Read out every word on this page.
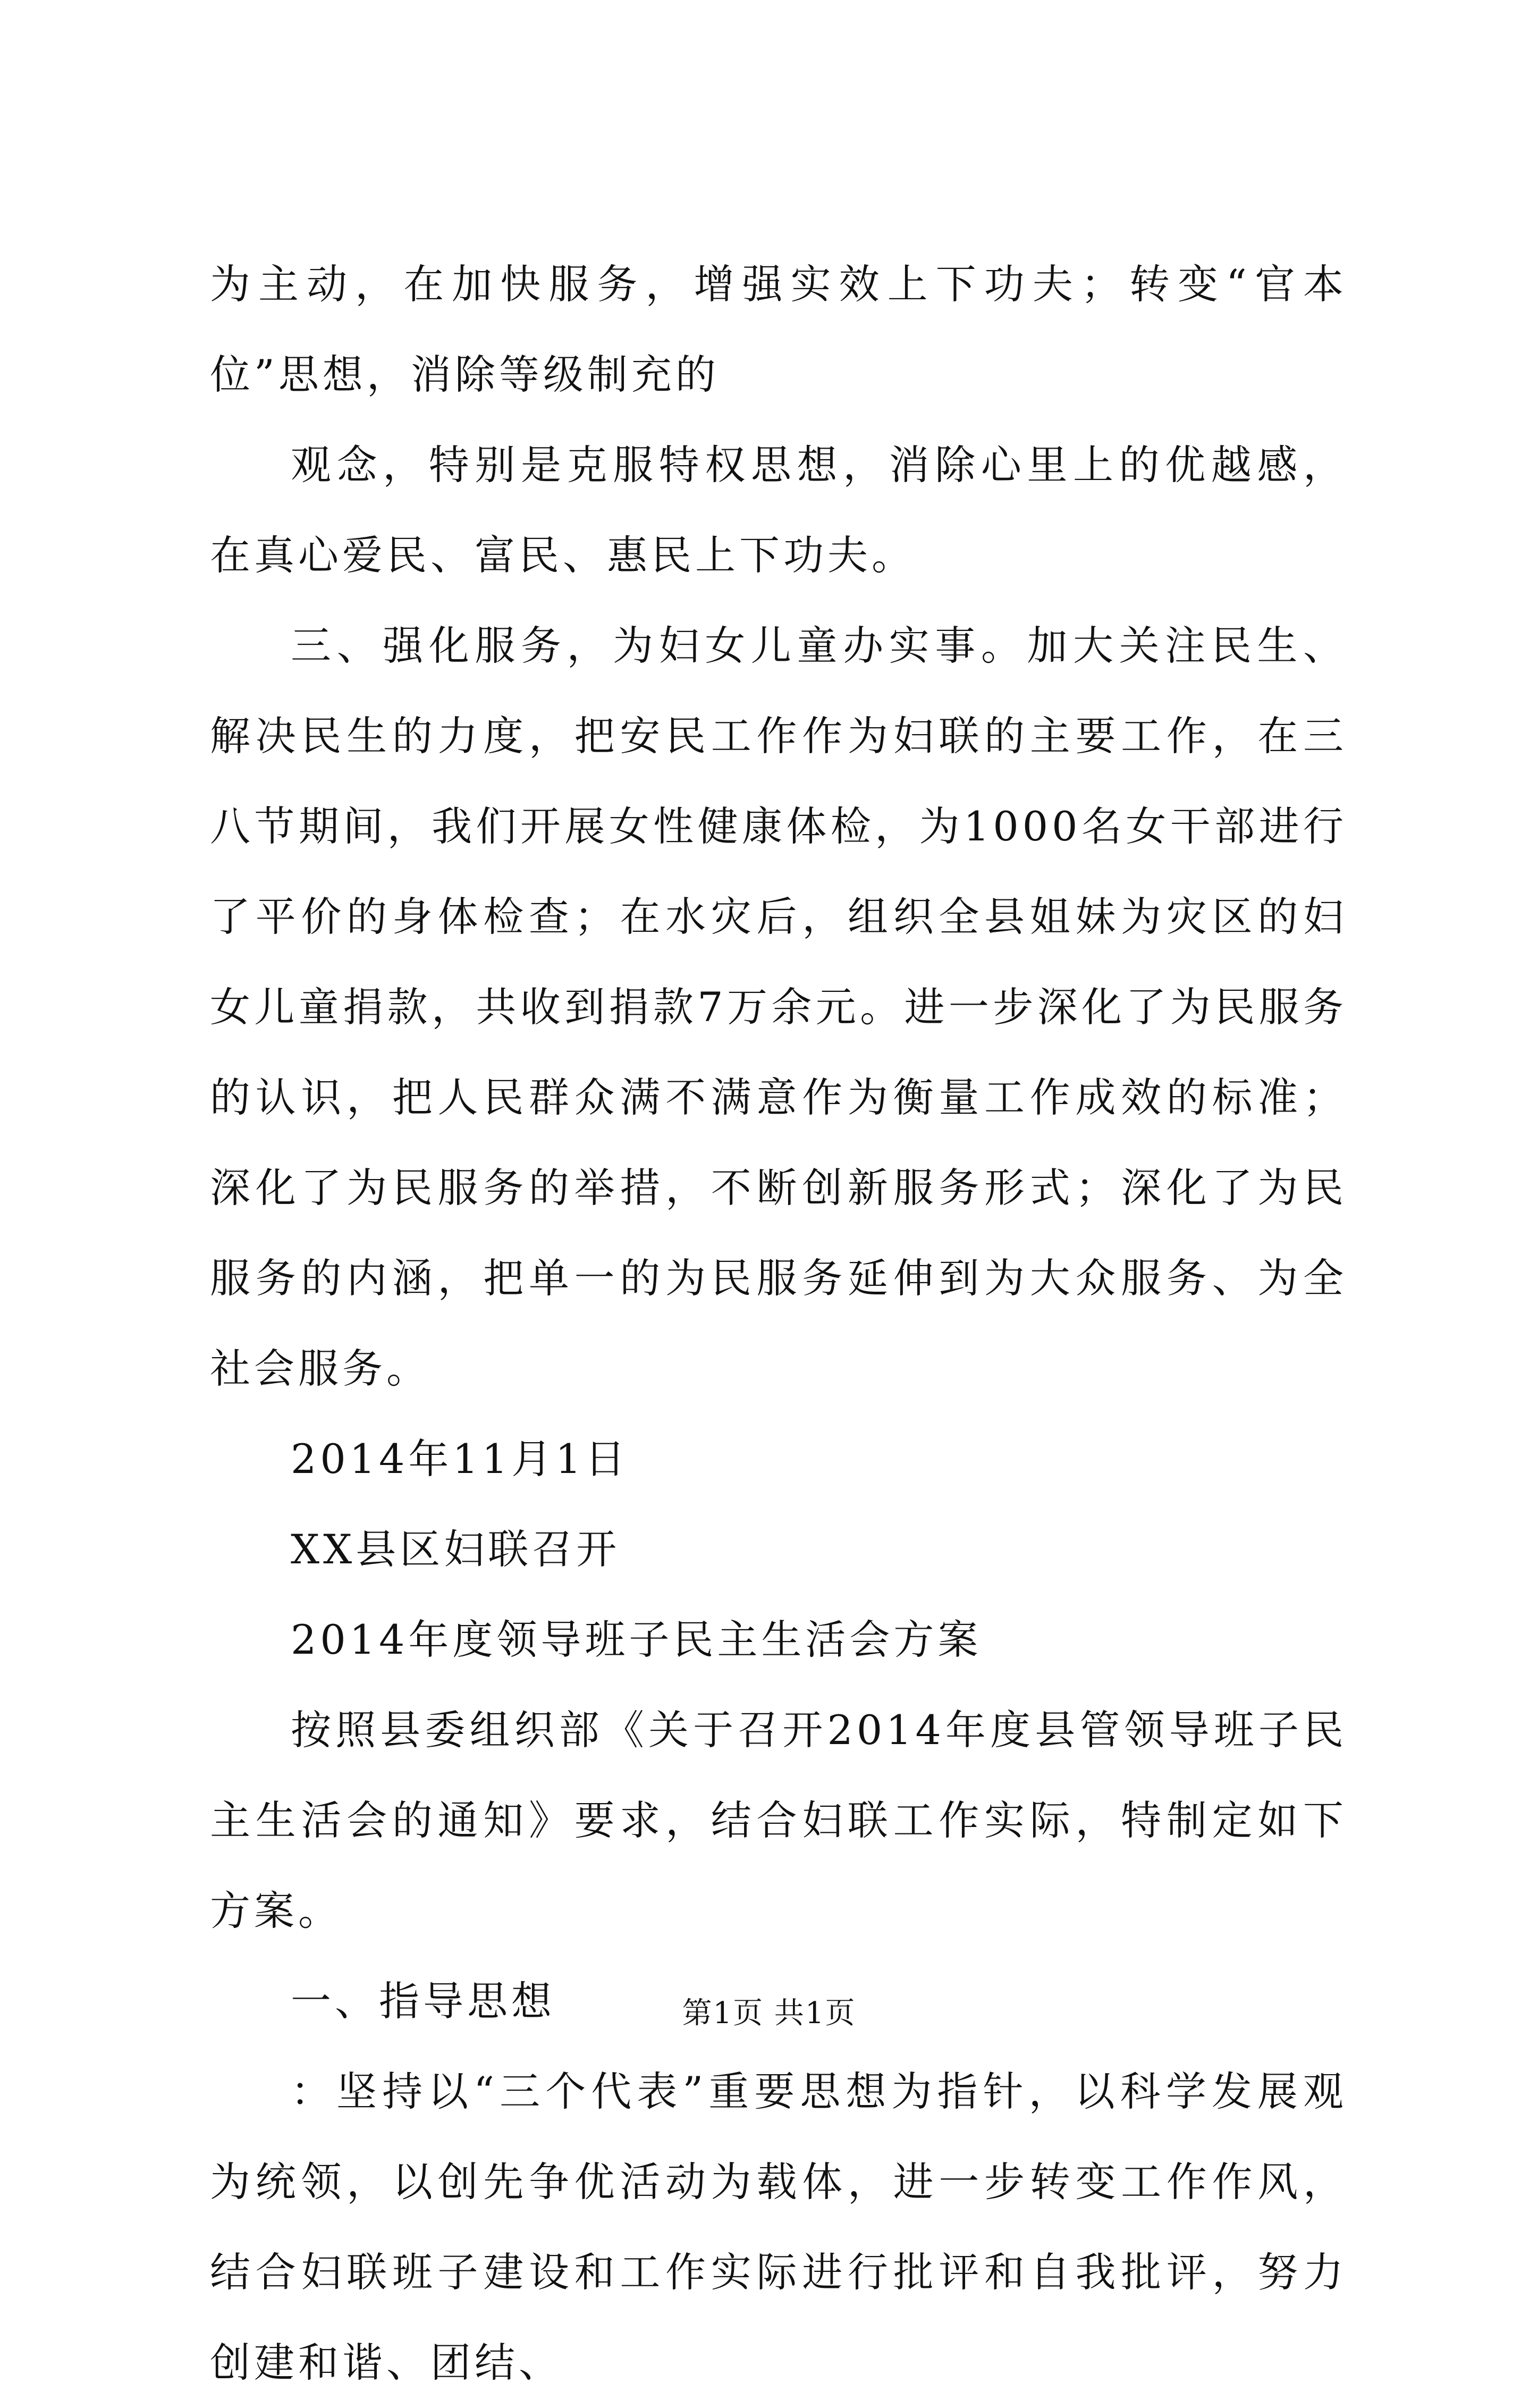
为主动，在加快服务，增强实效上下功夫；转变“官本位”思想，消除等级制充的

观念，特别是克服特权思想，消除心里上的优越感，在真心爱民、富民、惠民上下功夫。

三、强化服务，为妇女儿童办实事。加大关注民生、解决民生的力度，把安民工作作为妇联的主要工作，在三八节期间，我们开展女性健康体检，为1000名女干部进行了平价的身体检查；在水灾后，组织全县姐妹为灾区的妇女儿童捐款，共收到捐款7万余元。进一步深化了为民服务的认识，把人民群众满不满意作为衡量工作成效的标准；深化了为民服务的举措，不断创新服务形式；深化了为民服务的内涵，把单一的为民服务延伸到为大众服务、为全社会服务。

2014年11月1日

XX县区妇联召开

2014年度领导班子民主生活会方案

按照县委组织部《关于召开2014年度县管领导班子民主生活会的通知》要求，结合妇联工作实际，特制定如下方案。

一、指导思想

：坚持以“三个代表”重要思想为指针，以科学发展观为统领，以创先争优活动为载体，进一步转变工作作风，结合妇联班子建设和工作实际进行批评和自我批评，努力创建和谐、团结、

第1页 共1页
